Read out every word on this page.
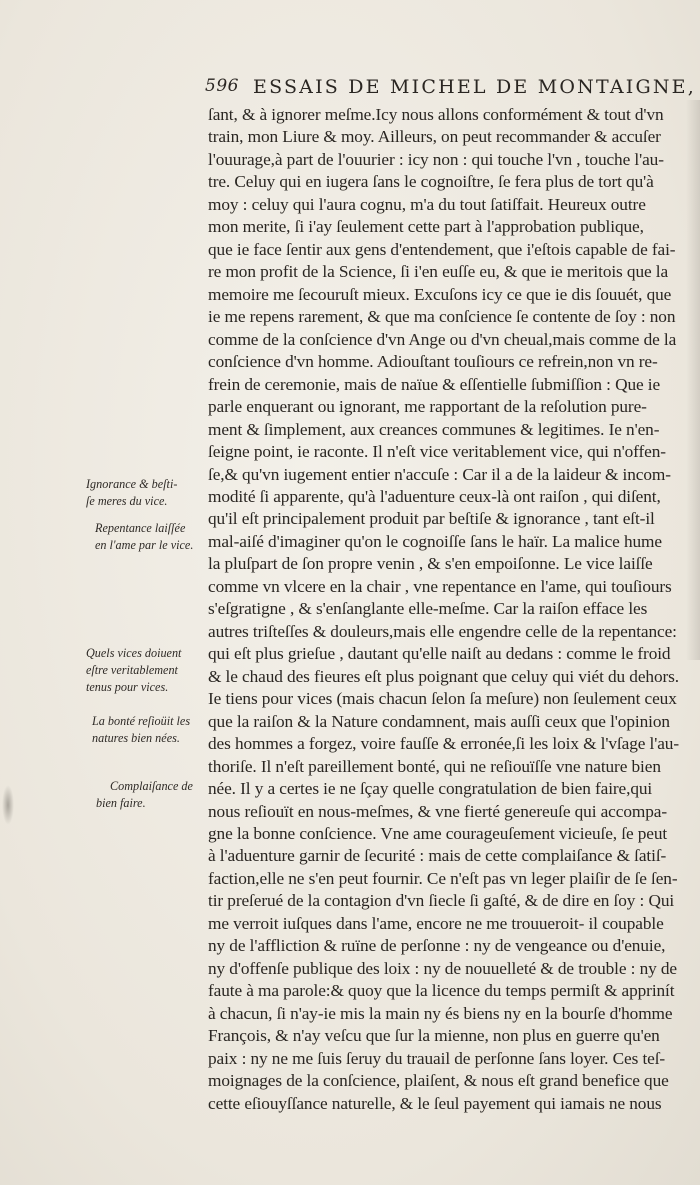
596 ESSAIS DE MICHEL DE MONTAIGNE,
ſant, & à ignorer meſme.Icy nous allons conformément & tout d'vn
train, mon Liure & moy. Ailleurs, on peut recommander & accuſer
l'ouurage,à part de l'ouurier : icy non : qui touche l'vn , touche l'au-
tre. Celuy qui en iugera ſans le cognoiſtre, ſe fera plus de tort qu'à
moy : celuy qui l'aura cognu, m'a du tout ſatiſfait. Heureux outre
mon merite, ſi i'ay ſeulement cette part à l'approbation publique,
que ie face ſentir aux gens d'entendement, que i'eſtois capable de fai-
re mon profit de la Science, ſi i'en euſſe eu, & que ie meritois que la
memoire me ſecouruſt mieux. Excuſons icy ce que ie dis ſouuét, que
ie me repens rarement, & que ma conſcience ſe contente de ſoy : non
comme de la conſcience d'vn Ange ou d'vn cheual,mais comme de la
conſcience d'vn homme. Adiouſtant touſiours ce refrein,non vn re-
frein de ceremonie, mais de naïue & eſſentielle ſubmiſſion : Que ie
parle enquerant ou ignorant, me rapportant de la reſolution pure-
ment & ſimplement, aux creances communes & legitimes. Ie n'en-
ſeigne point, ie raconte. Il n'eſt vice veritablement vice, qui n'offen-
ſe,& qu'vn iugement entier n'accuſe : Car il a de la laideur & incom-
modité ſi apparente, qu'à l'aduenture ceux-là ont raiſon , qui diſent,
qu'il eſt principalement produit par beſtiſe & ignorance , tant eſt-il
mal-aiſé d'imaginer qu'on le cognoiſſe ſans le haïr. La malice hume
la pluſpart de ſon propre venin , & s'en empoiſonne. Le vice laiſſe
comme vn vlcere en la chair , vne repentance en l'ame, qui touſiours
s'eſgratigne , & s'enſanglante elle-meſme. Car la raiſon efface les
autres triſteſſes & douleurs,mais elle engendre celle de la repentance:
qui eſt plus grieſue , dautant qu'elle naiſt au dedans : comme le froid
& le chaud des fieures eſt plus poignant que celuy qui viét du dehors.
Ie tiens pour vices (mais chacun ſelon ſa meſure) non ſeulement ceux
que la raiſon & la Nature condamnent, mais auſſi ceux que l'opinion
des hommes a forgez, voire fauſſe & erronée,ſi les loix & l'vſage l'au-
thoriſe. Il n'eſt pareillement bonté, qui ne reſiouïſſe vne nature bien
née. Il y a certes ie ne ſçay quelle congratulation de bien faire,qui
nous reſiouït en nous-meſmes, & vne fierté genereuſe qui accompa-
gne la bonne conſcience. Vne ame courageuſement vicieuſe, ſe peut
à l'aduenture garnir de ſecurité : mais de cette complaiſance & ſatiſ-
faction,elle ne s'en peut fournir. Ce n'eſt pas vn leger plaiſir de ſe ſen-
tir preſerué de la contagion d'vn ſiecle ſi gaſté, & de dire en ſoy : Qui
me verroit iuſques dans l'ame, encore ne me trouueroit- il coupable
ny de l'affliction & ruïne de perſonne : ny de vengeance ou d'enuie,
ny d'offenſe publique des loix : ny de nouuelleté & de trouble : ny de
faute à ma parole:& quoy que la licence du temps permiſt & apprinít
à chacun, ſi n'ay-ie mis la main ny és biens ny en la bourſe d'homme
François, & n'ay veſcu que ſur la mienne, non plus en guerre qu'en
paix : ny ne me ſuis ſeruy du trauail de perſonne ſans loyer. Ces teſ-
moignages de la conſcience, plaiſent, & nous eſt grand benefice que
cette eſiouyſſance naturelle, & le ſeul payement qui iamais ne nous
Ignorance & beſti-
ſe meres du vice.
Repentance laiſſée
en l'ame par le vice.
Quels vices doiuent
eſtre veritablement
tenus pour vices.
La bonté reſioüit les
natures bien nées.
Complaiſance de
bien faire.
